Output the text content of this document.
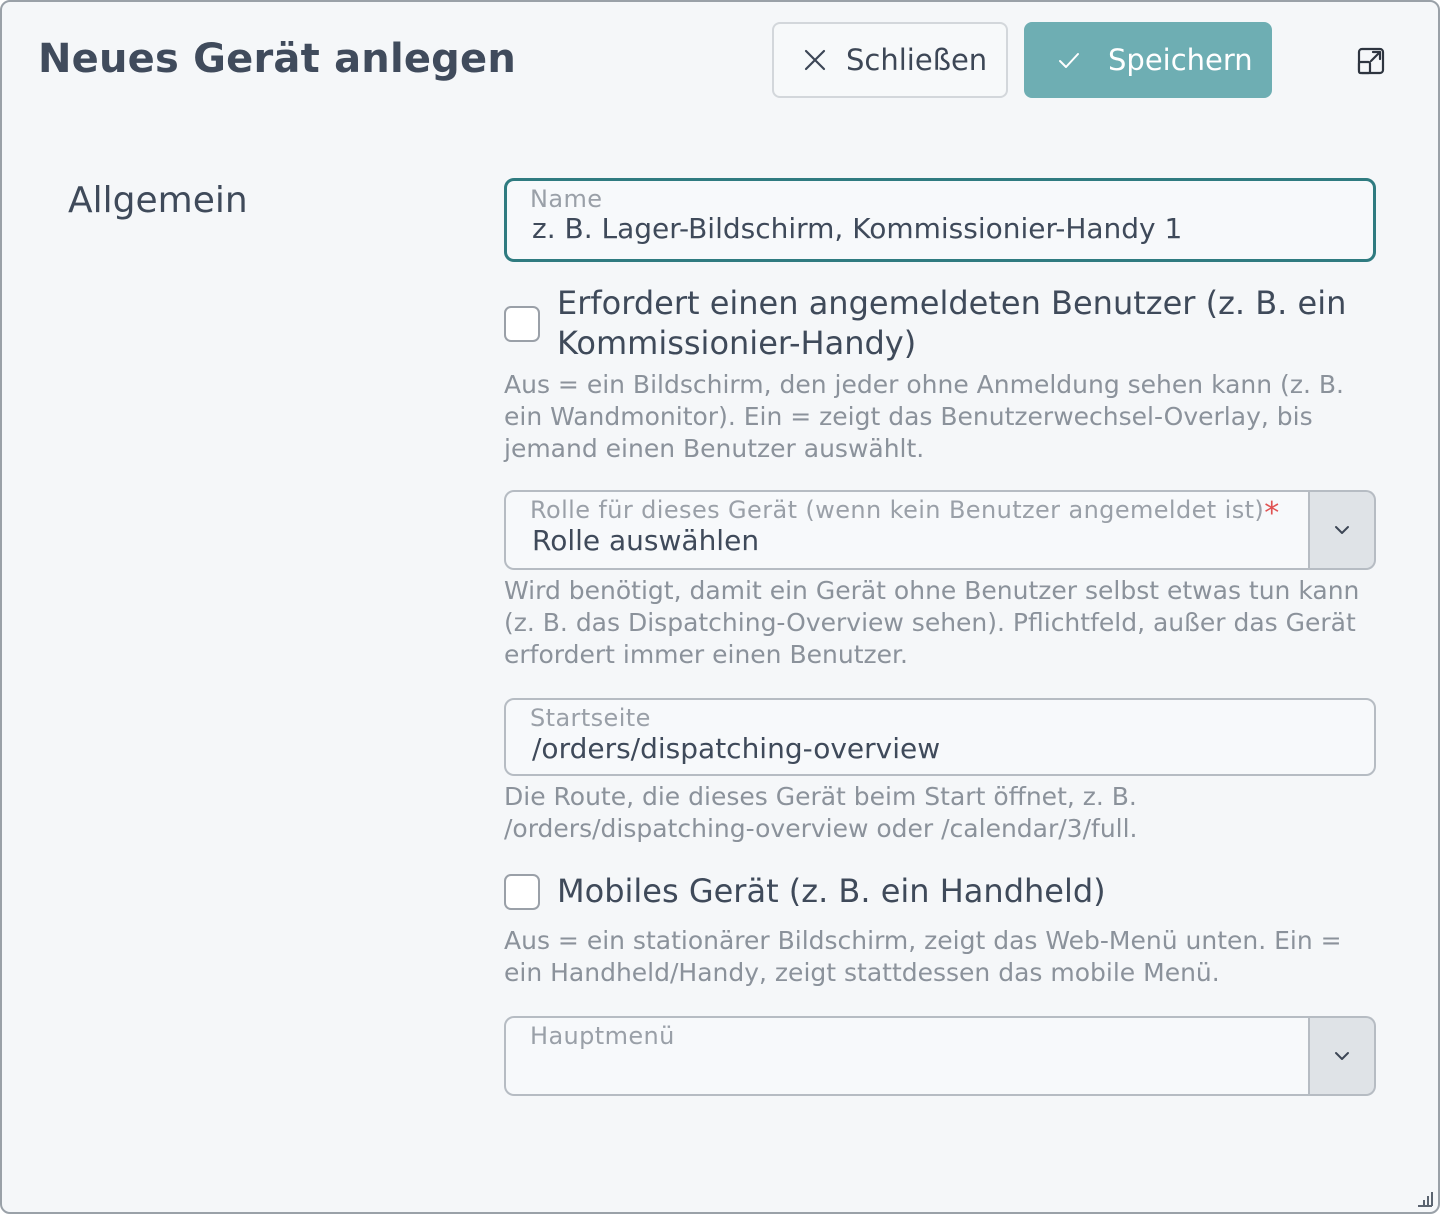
Neues Gerät anlegen	Schließen	Speichern
Allgemein	Name
z. B. Lager-Bildschirm, Kommissionier-Handy 1
Erfordert einen angemeldeten Benutzer (z. B. ein
Kommissionier-Handy)
Aus = ein Bildschirm, den jeder ohne Anmeldung sehen kann (z. B. ein Wandmonitor). Ein = zeigt das Benutzerwechsel-Overlay, bis jemand einen Benutzer auswählt.
Rolle für dieses Gerät (wenn kein Benutzer angemeldet ist) *
Rolle auswählen
Wird benötigt, damit ein Gerät ohne Benutzer selbst etwas tun kann (z. B. das Dispatching-Overview sehen). Pflichtfeld, außer das Gerät erfordert immer einen Benutzer.
Startseite
/orders/dispatching-overview
Die Route, die dieses Gerät beim Start öffnet, z. B. /orders/dispatching-overview oder /calendar/3/full.
Mobiles Gerät (z. B. ein Handheld)
Aus = ein stationärer Bildschirm, zeigt das Web-Menü unten. Ein = ein Handheld/Handy, zeigt stattdessen das mobile Menü.
Hauptmenü
